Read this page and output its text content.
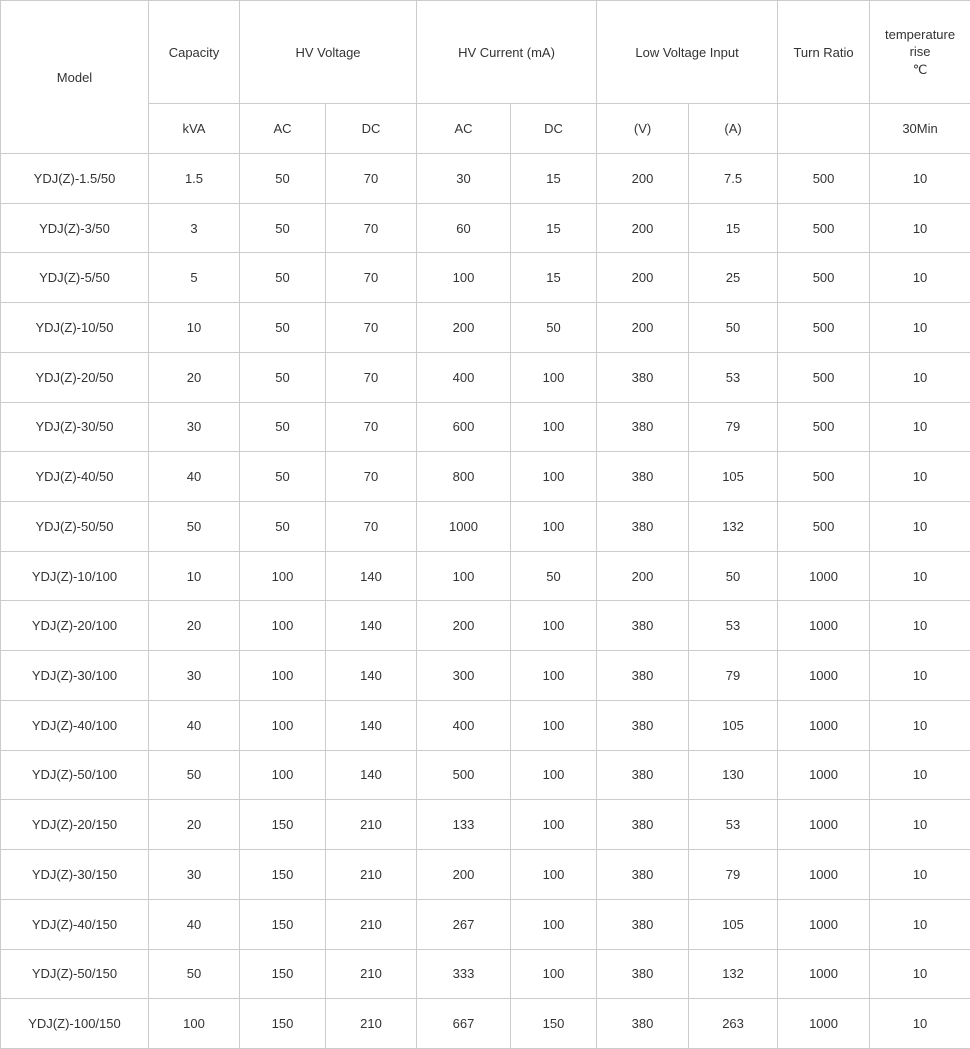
Model	Capacity	HV Voltage		HV Current (mA)		Low Voltage Input		Turn Ratio	temperature rise
℃

	kVA	AC	DC	AC	DC	(V)	(A)		30Min
YDJ(Z)-1.5/50	1.5	50	70	30	15	200	7.5	500	10
YDJ(Z)-3/50	3	50	70	60	15	200	15	500	10
YDJ(Z)-5/50	5	50	70	100	15	200	25	500	10
YDJ(Z)-10/50	10	50	70	200	50	200	50	500	10
YDJ(Z)-20/50	20	50	70	400	100	380	53	500	10
YDJ(Z)-30/50	30	50	70	600	100	380	79	500	10
YDJ(Z)-40/50	40	50	70	800	100	380	105	500	10
YDJ(Z)-50/50	50	50	70	1000	100	380	132	500	10
YDJ(Z)-10/100	10	100	140	100	50	200	50	1000	10
YDJ(Z)-20/100	20	100	140	200	100	380	53	1000	10
YDJ(Z)-30/100	30	100	140	300	100	380	79	1000	10
YDJ(Z)-40/100	40	100	140	400	100	380	105	1000	10
YDJ(Z)-50/100	50	100	140	500	100	380	130	1000	10
YDJ(Z)-20/150	20	150	210	133	100	380	53	1000	10
YDJ(Z)-30/150	30	150	210	200	100	380	79	1000	10
YDJ(Z)-40/150	40	150	210	267	100	380	105	1000	10
YDJ(Z)-50/150	50	150	210	333	100	380	132	1000	10
YDJ(Z)-100/150	100	150	210	667	150	380	263	1000	10
